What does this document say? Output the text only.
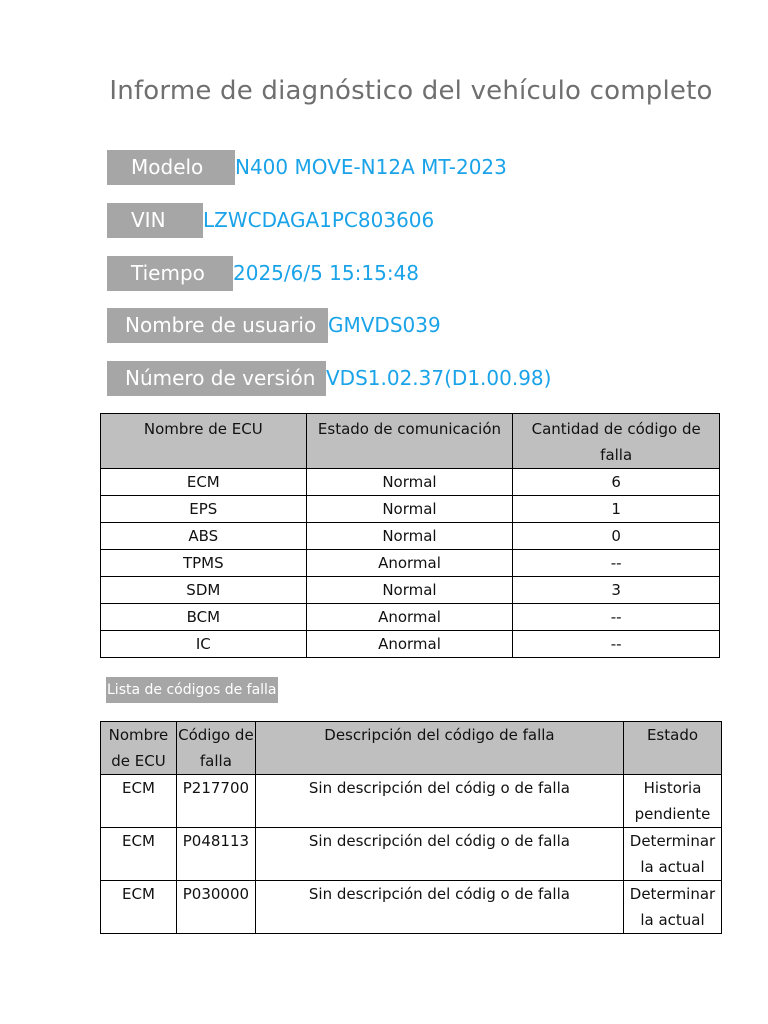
Informe de diagnóstico del vehículo completo
Modelo	N400 MOVE-N12A MT-2023
VIN	LZWCDAGA1PC803606
Tiempo	2025/6/5 15:15:48
Nombre de usuario GMVDS039
Número de versión VDS1.02.37(D1.00.98)
Nombre de ECU	Estado de comunicación	Cantidad de código de falla
ECM	Normal	6
EPS	Normal	1
ABS	Normal	0
TPMS	Anormal	--
SDM	Normal	3
BCM	Anormal	--
IC	Anormal	--
Lista de códigos de falla
Nombre de ECU	Código de falla	Descripción del código de falla	Estado
ECM	P217700	Sin descripción del códig o de falla	Historia pendiente
ECM	P048113	Sin descripción del códig o de falla	Determinar la actual
ECM	P030000	Sin descripción del códig o de falla	Determinar la actual
